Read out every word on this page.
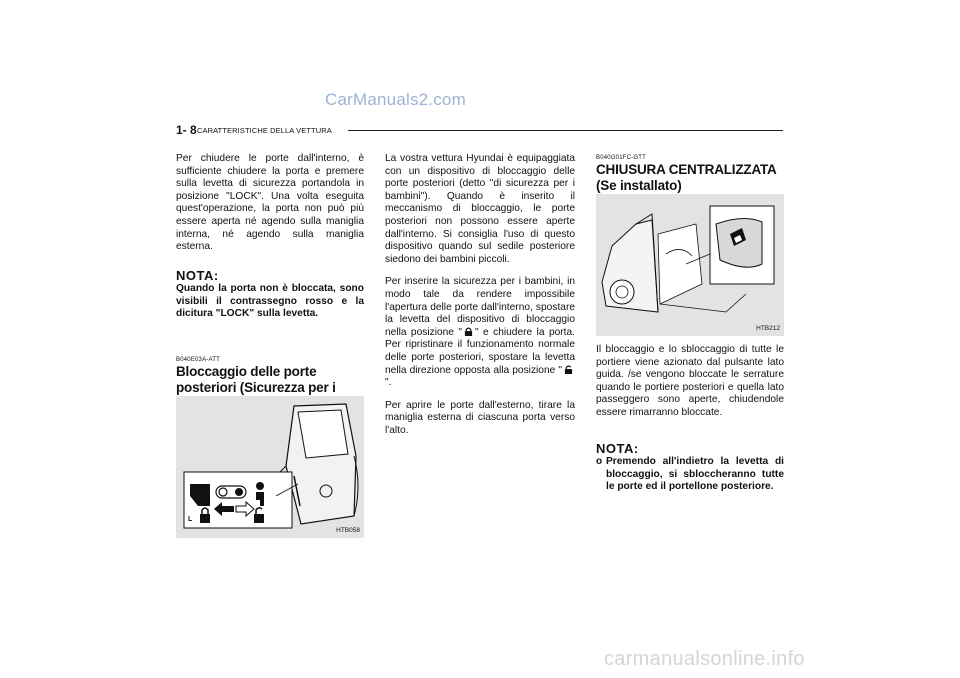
CarManuals2.com
1- 8 CARATTERISTICHE DELLA VETTURA
Per chiudere le porte dall'interno, è sufficiente chiudere la porta e premere sulla levetta di sicurezza portandola in posizione "LOCK". Una volta eseguita quest'operazione, la porta non può più essere aperta né agendo sulla maniglia interna, né agendo sulla maniglia esterna.
NOTA:
Quando la porta non è bloccata, sono visibili il contrassegno rosso e la dicitura "LOCK" sulla levetta.
B040E03A-ATT
Bloccaggio delle porte posteriori (Sicurezza per i
L
HTB058

La vostra vettura Hyundai è equipaggiata con un dispositivo di bloccaggio delle porte posteriori (detto "di sicurezza per i bambini"). Quando è inserito il meccanismo di bloccaggio, le porte posteriori non possono essere aperte dall'interno. Si consiglia l'uso di questo dispositivo quando sul sedile posteriore siedono dei bambini piccoli.

Per inserire la sicurezza per i bambini, in modo tale da rendere impossibile l'apertura delle porte dall'interno, spostare la levetta del dispositivo di bloccaggio nella posizione " " e chiudere la porta. Per ripristinare il funzionamento normale delle porte posteriori, spostare la levetta nella direzione opposta alla posizione "".

Per aprire le porte dall'esterno, tirare la maniglia esterna di ciascuna porta verso l'alto.

B040G01FC-GTT
CHIUSURA CENTRALIZZATA (Se installato)
HTB212
Il bloccaggio e lo sbloccaggio di tutte le portiere viene azionato dal pulsante lato guida. /se vengono bloccate le serrature quando le portiere posteriori e quella lato passeggero sono aperte, chiudendole essere rimarranno bloccate.
NOTA:
o Premendo all'indietro la levetta di bloccaggio, si sbloccheranno tutte le porte ed il portellone posteriore.
carmanualsonline.info
